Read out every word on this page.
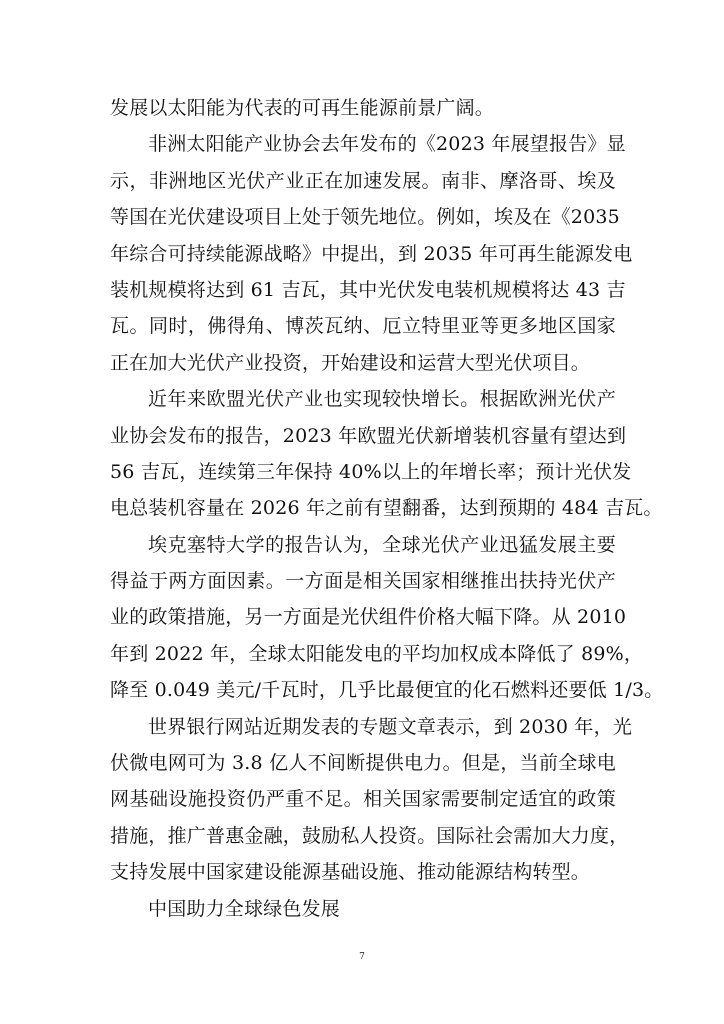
发展以太阳能为代表的可再生能源前景广阔。
非洲太阳能产业协会去年发布的《2023 年展望报告》显
示，非洲地区光伏产业正在加速发展。南非、摩洛哥、埃及
等国在光伏建设项目上处于领先地位。例如，埃及在《2035
年综合可持续能源战略》中提出，到 2035 年可再生能源发电
装机规模将达到 61 吉瓦，其中光伏发电装机规模将达 43 吉
瓦。同时，佛得角、博茨瓦纳、厄立特里亚等更多地区国家
正在加大光伏产业投资，开始建设和运营大型光伏项目。
近年来欧盟光伏产业也实现较快增长。根据欧洲光伏产
业协会发布的报告，2023 年欧盟光伏新增装机容量有望达到
56 吉瓦，连续第三年保持 40%以上的年增长率；预计光伏发
电总装机容量在 2026 年之前有望翻番，达到预期的 484 吉瓦。
埃克塞特大学的报告认为，全球光伏产业迅猛发展主要
得益于两方面因素。一方面是相关国家相继推出扶持光伏产
业的政策措施，另一方面是光伏组件价格大幅下降。从 2010
年到 2022 年，全球太阳能发电的平均加权成本降低了 89%，
降至 0.049 美元/千瓦时，几乎比最便宜的化石燃料还要低 1/3。
世界银行网站近期发表的专题文章表示，到 2030 年，光
伏微电网可为 3.8 亿人不间断提供电力。但是，当前全球电
网基础设施投资仍严重不足。相关国家需要制定适宜的政策
措施，推广普惠金融，鼓励私人投资。国际社会需加大力度，
支持发展中国家建设能源基础设施、推动能源结构转型。
中国助力全球绿色发展
7
